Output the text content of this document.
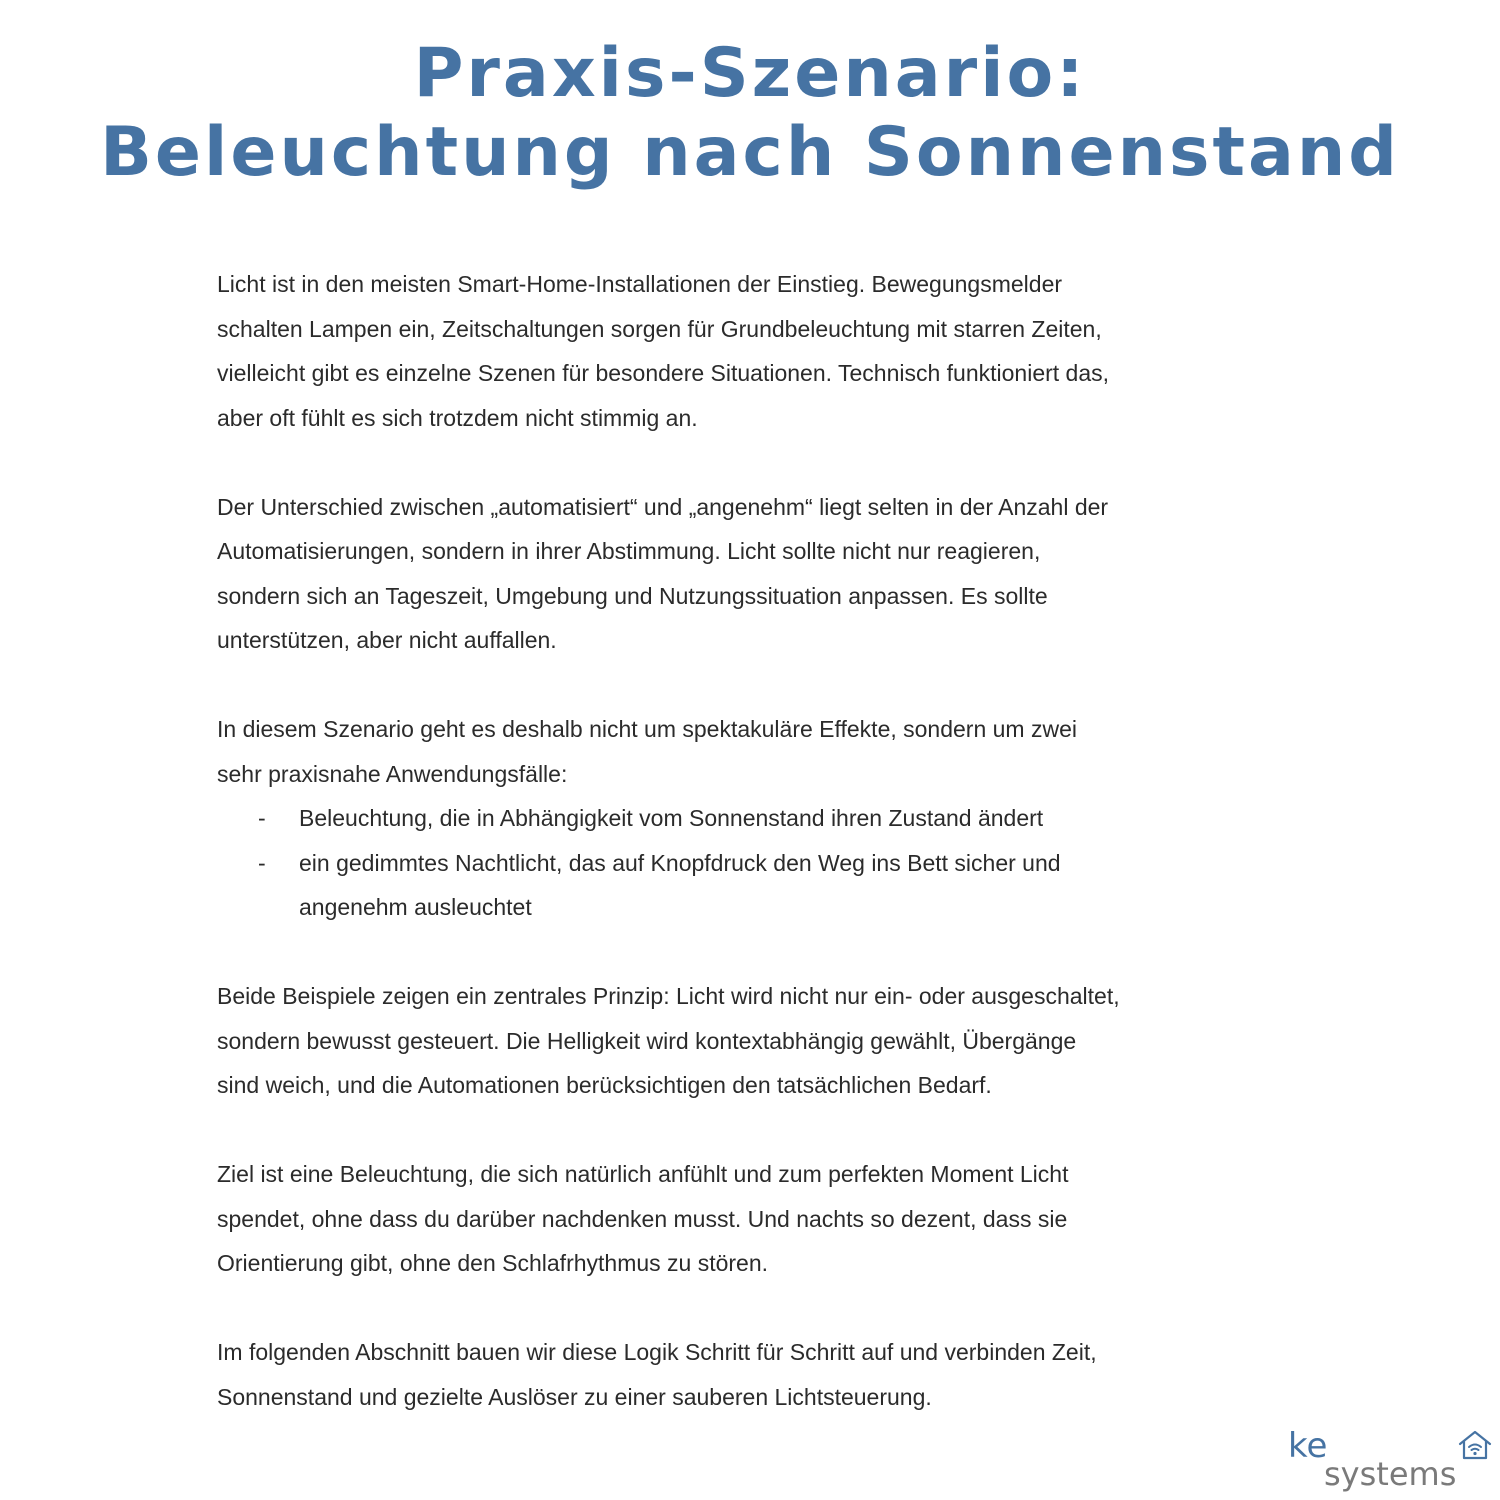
Praxis-Szenario:
Beleuchtung nach Sonnenstand
Licht ist in den meisten Smart-Home-Installationen der Einstieg. Bewegungsmelder
schalten Lampen ein, Zeitschaltungen sorgen für Grundbeleuchtung mit starren Zeiten,
vielleicht gibt es einzelne Szenen für besondere Situationen. Technisch funktioniert das,
aber oft fühlt es sich trotzdem nicht stimmig an.
Der Unterschied zwischen „automatisiert“ und „angenehm“ liegt selten in der Anzahl der
Automatisierungen, sondern in ihrer Abstimmung. Licht sollte nicht nur reagieren,
sondern sich an Tageszeit, Umgebung und Nutzungssituation anpassen. Es sollte
unterstützen, aber nicht auffallen.
In diesem Szenario geht es deshalb nicht um spektakuläre Effekte, sondern um zwei
sehr praxisnahe Anwendungsfälle:
- Beleuchtung, die in Abhängigkeit vom Sonnenstand ihren Zustand ändert
- ein gedimmtes Nachtlicht, das auf Knopfdruck den Weg ins Bett sicher und
angenehm ausleuchtet
Beide Beispiele zeigen ein zentrales Prinzip: Licht wird nicht nur ein- oder ausgeschaltet,
sondern bewusst gesteuert. Die Helligkeit wird kontextabhängig gewählt, Übergänge
sind weich, und die Automationen berücksichtigen den tatsächlichen Bedarf.
Ziel ist eine Beleuchtung, die sich natürlich anfühlt und zum perfekten Moment Licht
spendet, ohne dass du darüber nachdenken musst. Und nachts so dezent, dass sie
Orientierung gibt, ohne den Schlafrhythmus zu stören.
Im folgenden Abschnitt bauen wir diese Logik Schritt für Schritt auf und verbinden Zeit,
Sonnenstand und gezielte Auslöser zu einer sauberen Lichtsteuerung.
ke
systems
